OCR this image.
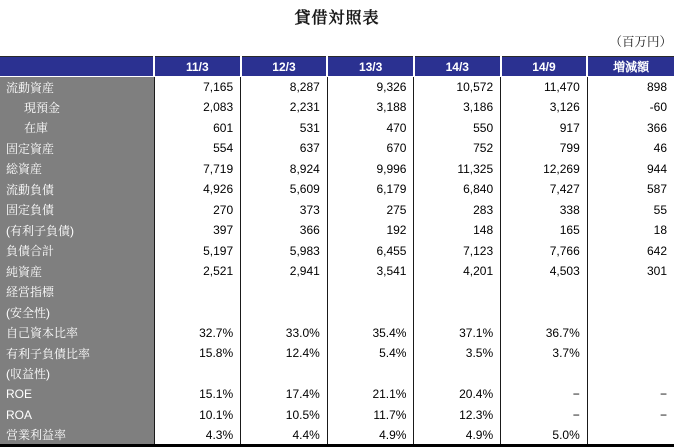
貸借対照表
（百万円）
	11/3	12/3	13/3	14/3	14/9	増減額
流動資産	7,165	8,287	9,326	10,572	11,470	898
現預金	2,083	2,231	3,188	3,186	3,126	-60
在庫	601	531	470	550	917	366
固定資産	554	637	670	752	799	46
総資産	7,719	8,924	9,996	11,325	12,269	944
流動負債	4,926	5,609	6,179	6,840	7,427	587
固定負債	270	373	275	283	338	55
(有利子負債)	397	366	192	148	165	18
負債合計	5,197	5,983	6,455	7,123	7,766	642
純資産	2,521	2,941	3,541	4,201	4,503	301
経営指標						
(安全性)						
自己資本比率	32.7%	33.0%	35.4%	37.1%	36.7%	
有利子負債比率	15.8%	12.4%	5.4%	3.5%	3.7%	
(収益性)						
ROE	15.1%	17.4%	21.1%	20.4%	−	−
ROA	10.1%	10.5%	11.7%	12.3%	−	−
営業利益率	4.3%	4.4%	4.9%	4.9%	5.0%	
